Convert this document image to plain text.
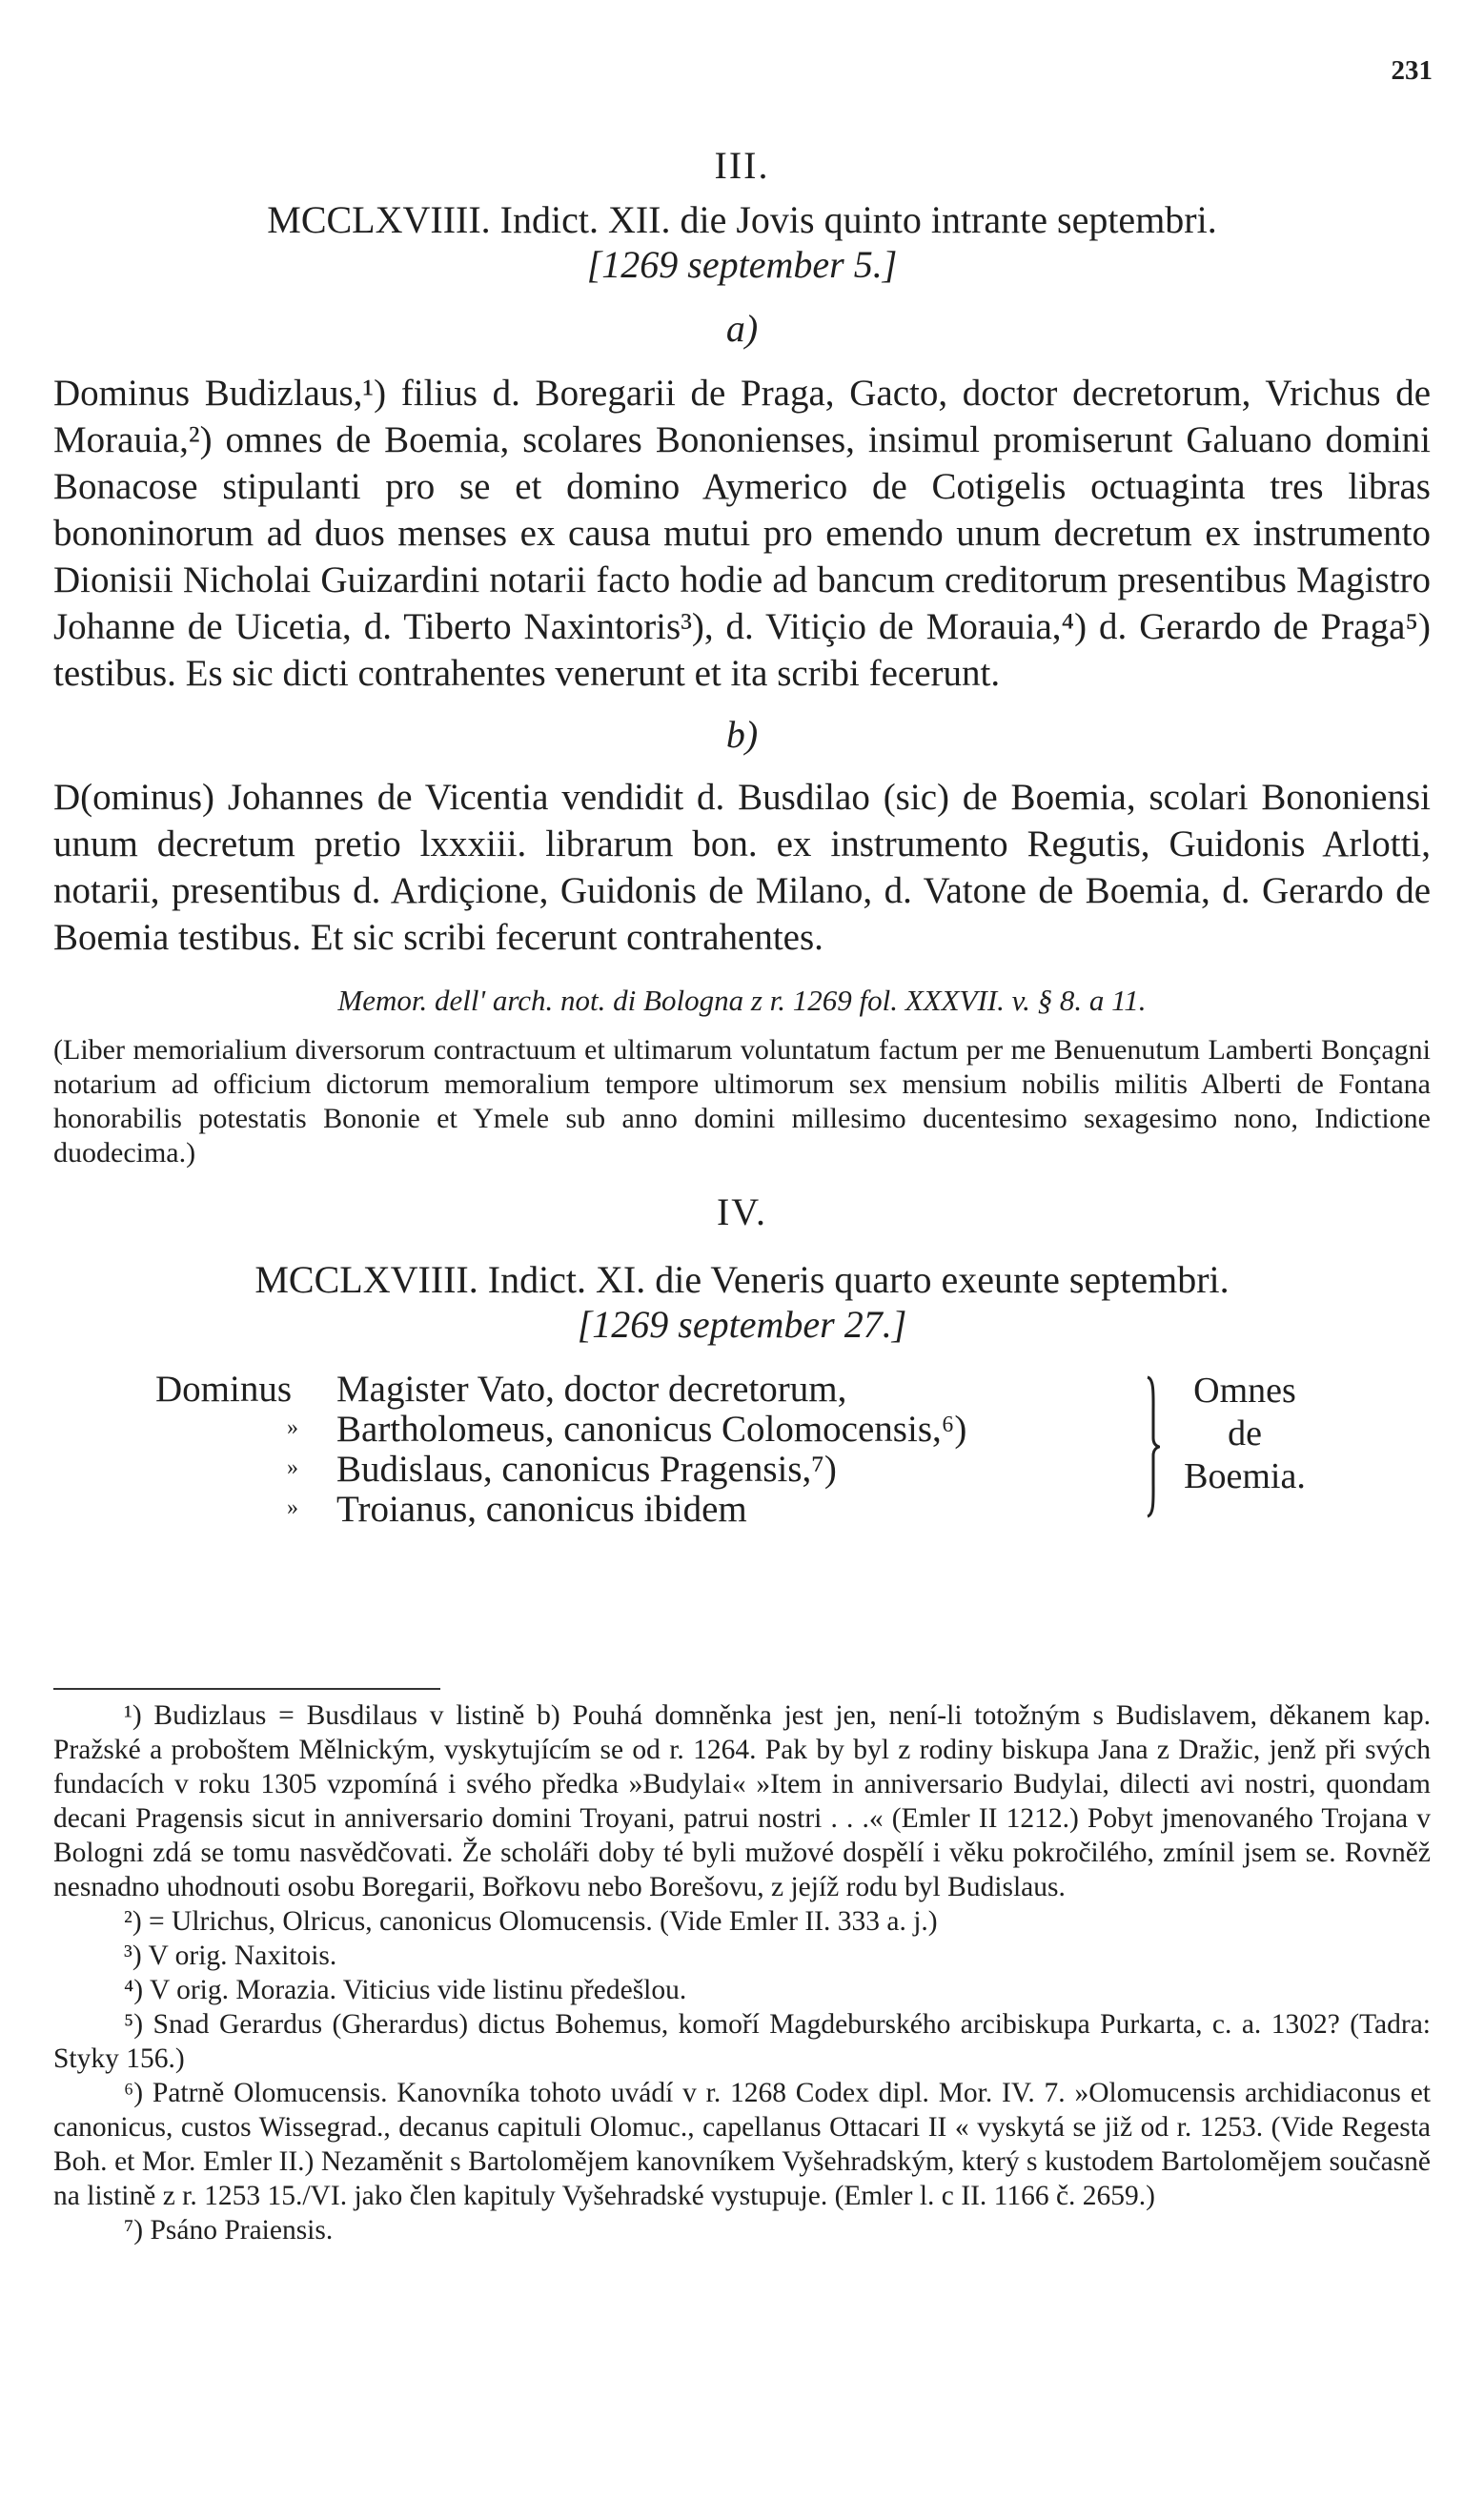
231

III.

MCCLXVIIII. Indict. XII. die Jovis quinto intrante septembri.

[1269 september 5.]

a)

Dominus Budizlaus,¹) filius d. Boregarii de Praga, Gacto, doctor decretorum, Vrichus de Morauia,²) omnes de Boemia, scolares Bononienses, insimul promiserunt Galuano domini Bonacose stipulanti pro se et domino Aymerico de Cotigelis octuaginta tres libras bononinorum ad duos menses ex causa mutui pro emendo unum decretum ex instrumento Dionisii Nicholai Guizardini notarii facto hodie ad bancum creditorum presentibus Magistro Johanne de Uicetia, d. Tiberto Naxintoris³), d. Vitiçio de Morauia,⁴) d. Gerardo de Praga⁵) testibus. Es sic dicti contrahentes venerunt et ita scribi fecerunt.

b)

D(ominus) Johannes de Vicentia vendidit d. Busdilao (sic) de Boemia, scolari Bononiensi unum decretum pretio lxxxiii. librarum bon. ex instrumento Regutis, Guidonis Arlotti, notarii, presentibus d. Ardiçione, Guidonis de Milano, d. Vatone de Boemia, d. Gerardo de Boemia testibus. Et sic scribi fecerunt contrahentes.

Memor. dell' arch. not. di Bologna z r. 1269 fol. XXXVII. v. § 8. a 11.

(Liber memorialium diversorum contractuum et ultimarum voluntatum factum per me Benuenutum Lamberti Bonçagni notarium ad officium dictorum memoralium tempore ultimorum sex mensium nobilis militis Alberti de Fontana honorabilis potestatis Bononie et Ymele sub anno domini millesimo ducentesimo sexagesimo nono, Indictione duodecima.)

IV.

MCCLXVIIII. Indict. XI. die Veneris quarto exeunte septembri.

[1269 september 27.]

Dominus Magister Vato, doctor decretorum,
» Bartholomeus, canonicus Colomocensis,⁶)
» Budislaus, canonicus Pragensis,⁷)
» Troianus, canonicus ibidem
Omnes
de
Boemia.

¹) Budizlaus = Busdilaus v listině b) Pouhá domněnka jest jen, není-li totožným s Budislavem, děkanem kap. Pražské a proboštem Mělnickým, vyskytujícím se od r. 1264. Pak by byl z rodiny biskupa Jana z Dražic, jenž při svých fundacích v roku 1305 vzpomíná i svého předka »Budylai« »Item in anniversario Budylai, dilecti avi nostri, quondam decani Pragensis sicut in anniversario domini Troyani, patrui nostri . . .« (Emler II 1212.) Pobyt jmenovaného Trojana v Bologni zdá se tomu nasvědčovati. Že scholáři doby té byli mužové dospělí i věku pokročilého, zmínil jsem se. Rovněž nesnadno uhodnouti osobu Boregarii, Bořkovu nebo Borešovu, z jejíž rodu byl Budislaus.

²) = Ulrichus, Olricus, canonicus Olomucensis. (Vide Emler II. 333 a. j.)

³) V orig. Naxitois.

⁴) V orig. Morazia. Viticius vide listinu předešlou.

⁵) Snad Gerardus (Gherardus) dictus Bohemus, komoří Magdeburského arcibiskupa Purkarta, c. a. 1302? (Tadra: Styky 156.)

⁶) Patrně Olomucensis. Kanovníka tohoto uvádí v r. 1268 Codex dipl. Mor. IV. 7. »Olomucensis archidiaconus et canonicus, custos Wissegrad., decanus capituli Olomuc., capellanus Ottacari II « vyskytá se již od r. 1253. (Vide Regesta Boh. et Mor. Emler II.) Nezaměnit s Bartolomějem kanovníkem Vyšehradským, který s kustodem Bartolomějem současně na listině z r. 1253 15./VI. jako člen kapituly Vyšehradské vystupuje. (Emler l. c II. 1166 č. 2659.)

⁷) Psáno Praiensis.
